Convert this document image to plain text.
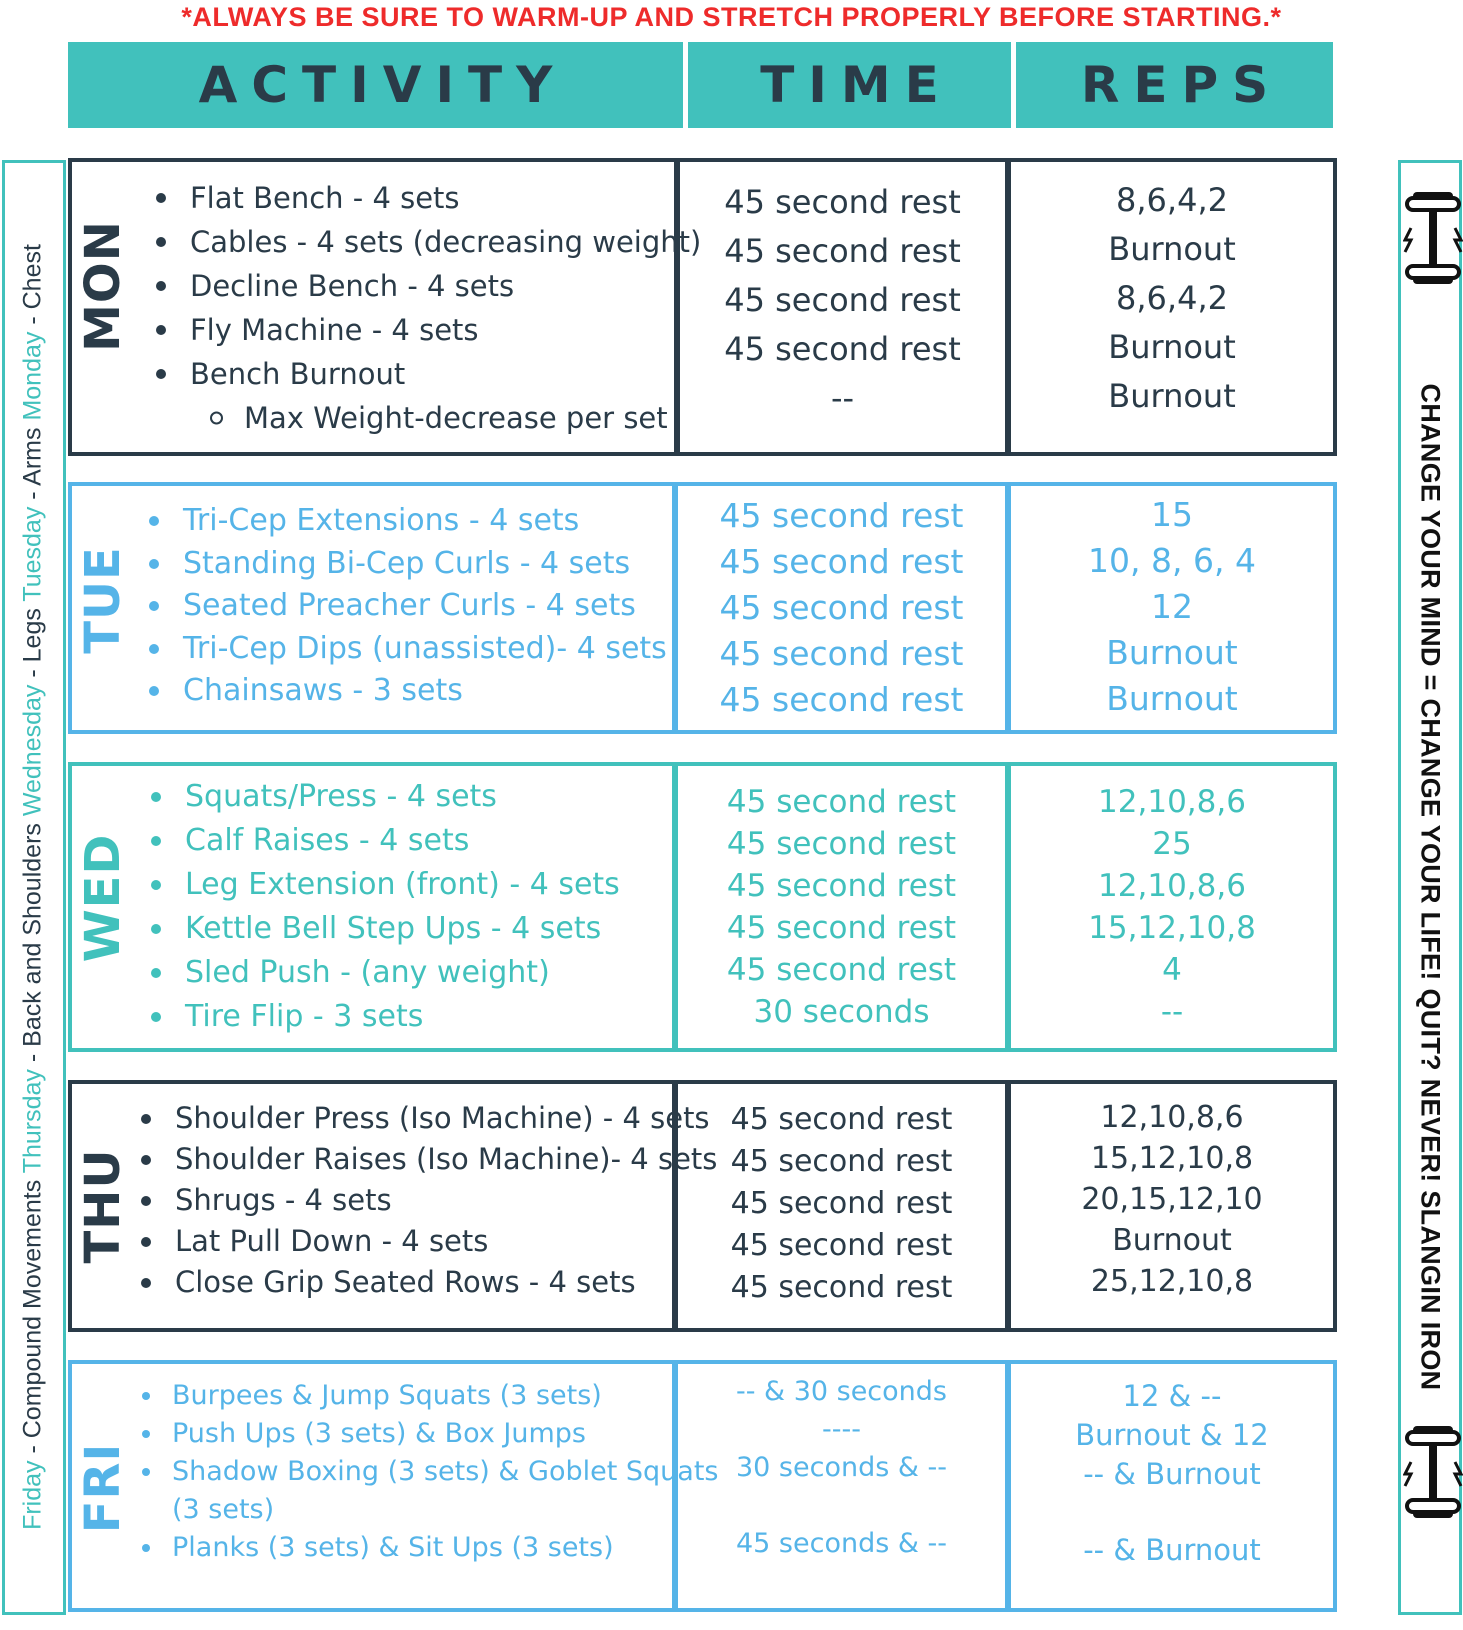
*ALWAYS BE SURE TO WARM-UP AND STRETCH PROPERLY BEFORE STARTING.*
ACTIVITY	TIME	REPS
Friday - Compound Movements Thursday - Back and Shoulders Wednesday - Legs Tuesday - Arms Monday - Chest
CHANGE YOUR MIND = CHANGE YOUR LIFE! QUIT? NEVER! SLANGIN IRON
MON
Flat Bench - 4 sets
Cables - 4 sets (decreasing weight)
Decline Bench - 4 sets
Fly Machine - 4 sets
Bench Burnout
Max Weight-decrease per set
45 second rest
45 second rest
45 second rest
45 second rest
--
8,6,4,2
Burnout
8,6,4,2
Burnout
Burnout
TUE
Tri-Cep Extensions - 4 sets
Standing Bi-Cep Curls - 4 sets
Seated Preacher Curls - 4 sets
Tri-Cep Dips (unassisted)- 4 sets
Chainsaws - 3 sets
45 second rest
45 second rest
45 second rest
45 second rest
45 second rest
15
10, 8, 6, 4
12
Burnout
Burnout
WED
Squats/Press - 4 sets
Calf Raises - 4 sets
Leg Extension (front) - 4 sets
Kettle Bell Step Ups - 4 sets
Sled Push - (any weight)
Tire Flip - 3 sets
45 second rest
45 second rest
45 second rest
45 second rest
45 second rest
30 seconds
12,10,8,6
25
12,10,8,6
15,12,10,8
4
--
THU
Shoulder Press (Iso Machine) - 4 sets
Shoulder Raises (Iso Machine)- 4 sets
Shrugs - 4 sets
Lat Pull Down - 4 sets
Close Grip Seated Rows - 4 sets
45 second rest
45 second rest
45 second rest
45 second rest
45 second rest
12,10,8,6
15,12,10,8
20,15,12,10
Burnout
25,12,10,8
FRI
Burpees & Jump Squats (3 sets)
Push Ups (3 sets) & Box Jumps
Shadow Boxing (3 sets) & Goblet Squats
(3 sets)
Planks (3 sets) & Sit Ups (3 sets)
-- & 30 seconds
----
30 seconds & --
45 seconds & --
12 & --
Burnout & 12
-- & Burnout
-- & Burnout
